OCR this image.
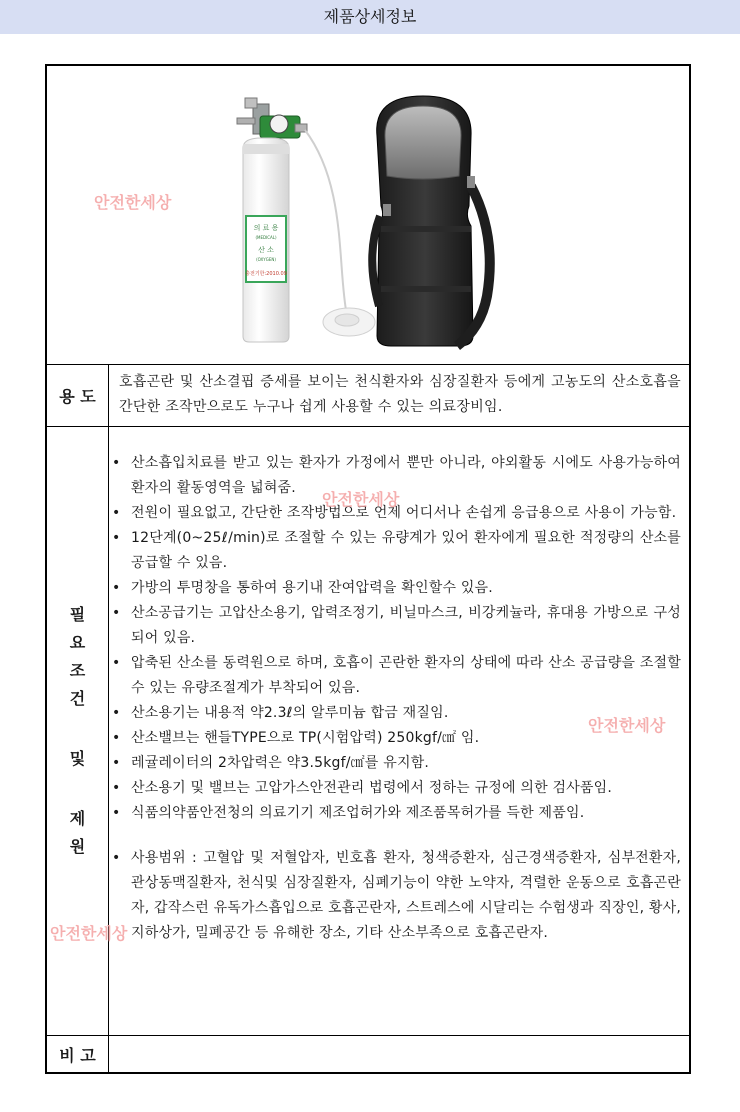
제품상세정보
의 료 용
(MEDICAL)
산 소
(OXYGEN)
충전기한:2010.09
안전한세상
용 도
호흡곤란 및 산소결핍 증세를 보이는 천식환자와 심장질환자 등에게 고농도의 산소호흡을 간단한 조작만으로도 누구나 쉽게 사용할 수 있는 의료장비임.
필
요
조
건
및
제
원
• 산소흡입치료를 받고 있는 환자가 가정에서 뿐만 아니라, 야외활동 시에도 사용가능하여 환자의 활동영역을 넓혀줌.
• 전원이 필요없고, 간단한 조작방법으로 언제 어디서나 손쉽게 응급용으로 사용이 가능함.
• 12단계(0~25ℓ/min)로 조절할 수 있는 유량계가 있어 환자에게 필요한 적정량의 산소를 공급할 수 있음.
• 가방의 투명창을 통하여 용기내 잔여압력을 확인할수 있음.
• 산소공급기는 고압산소용기, 압력조정기, 비닐마스크, 비강케뉼라, 휴대용 가방으로 구성되어 있음.
• 압축된 산소를 동력원으로 하며, 호흡이 곤란한 환자의 상태에 따라 산소 공급량을 조절할 수 있는 유량조절계가 부착되어 있음.
• 산소용기는 내용적 약2.3ℓ의 알루미늄 합금 재질임.
• 산소밸브는 핸들TYPE으로 TP(시험압력) 250kgf/㎠ 임.
• 레귤레이터의 2차압력은 약3.5kgf/㎠를 유지함.
• 산소용기 및 밸브는 고압가스안전관리 법령에서 정하는 규정에 의한 검사품임.
• 식품의약품안전청의 의료기기 제조업허가와 제조품목허가를 득한 제품임.
• 사용범위 : 고혈압 및 저혈압자, 빈호흡 환자, 청색증환자, 심근경색증환자, 심부전환자, 관상동맥질환자, 천식및 심장질환자, 심폐기능이 약한 노약자, 격렬한 운동으로 호흡곤란자, 갑작스런 유독가스흡입으로 호흡곤란자, 스트레스에 시달리는 수험생과 직장인, 황사, 지하상가, 밀폐공간 등 유해한 장소, 기타 산소부족으로 호흡곤란자.
안전한세상
안전한세상
안전한세상
비 고
